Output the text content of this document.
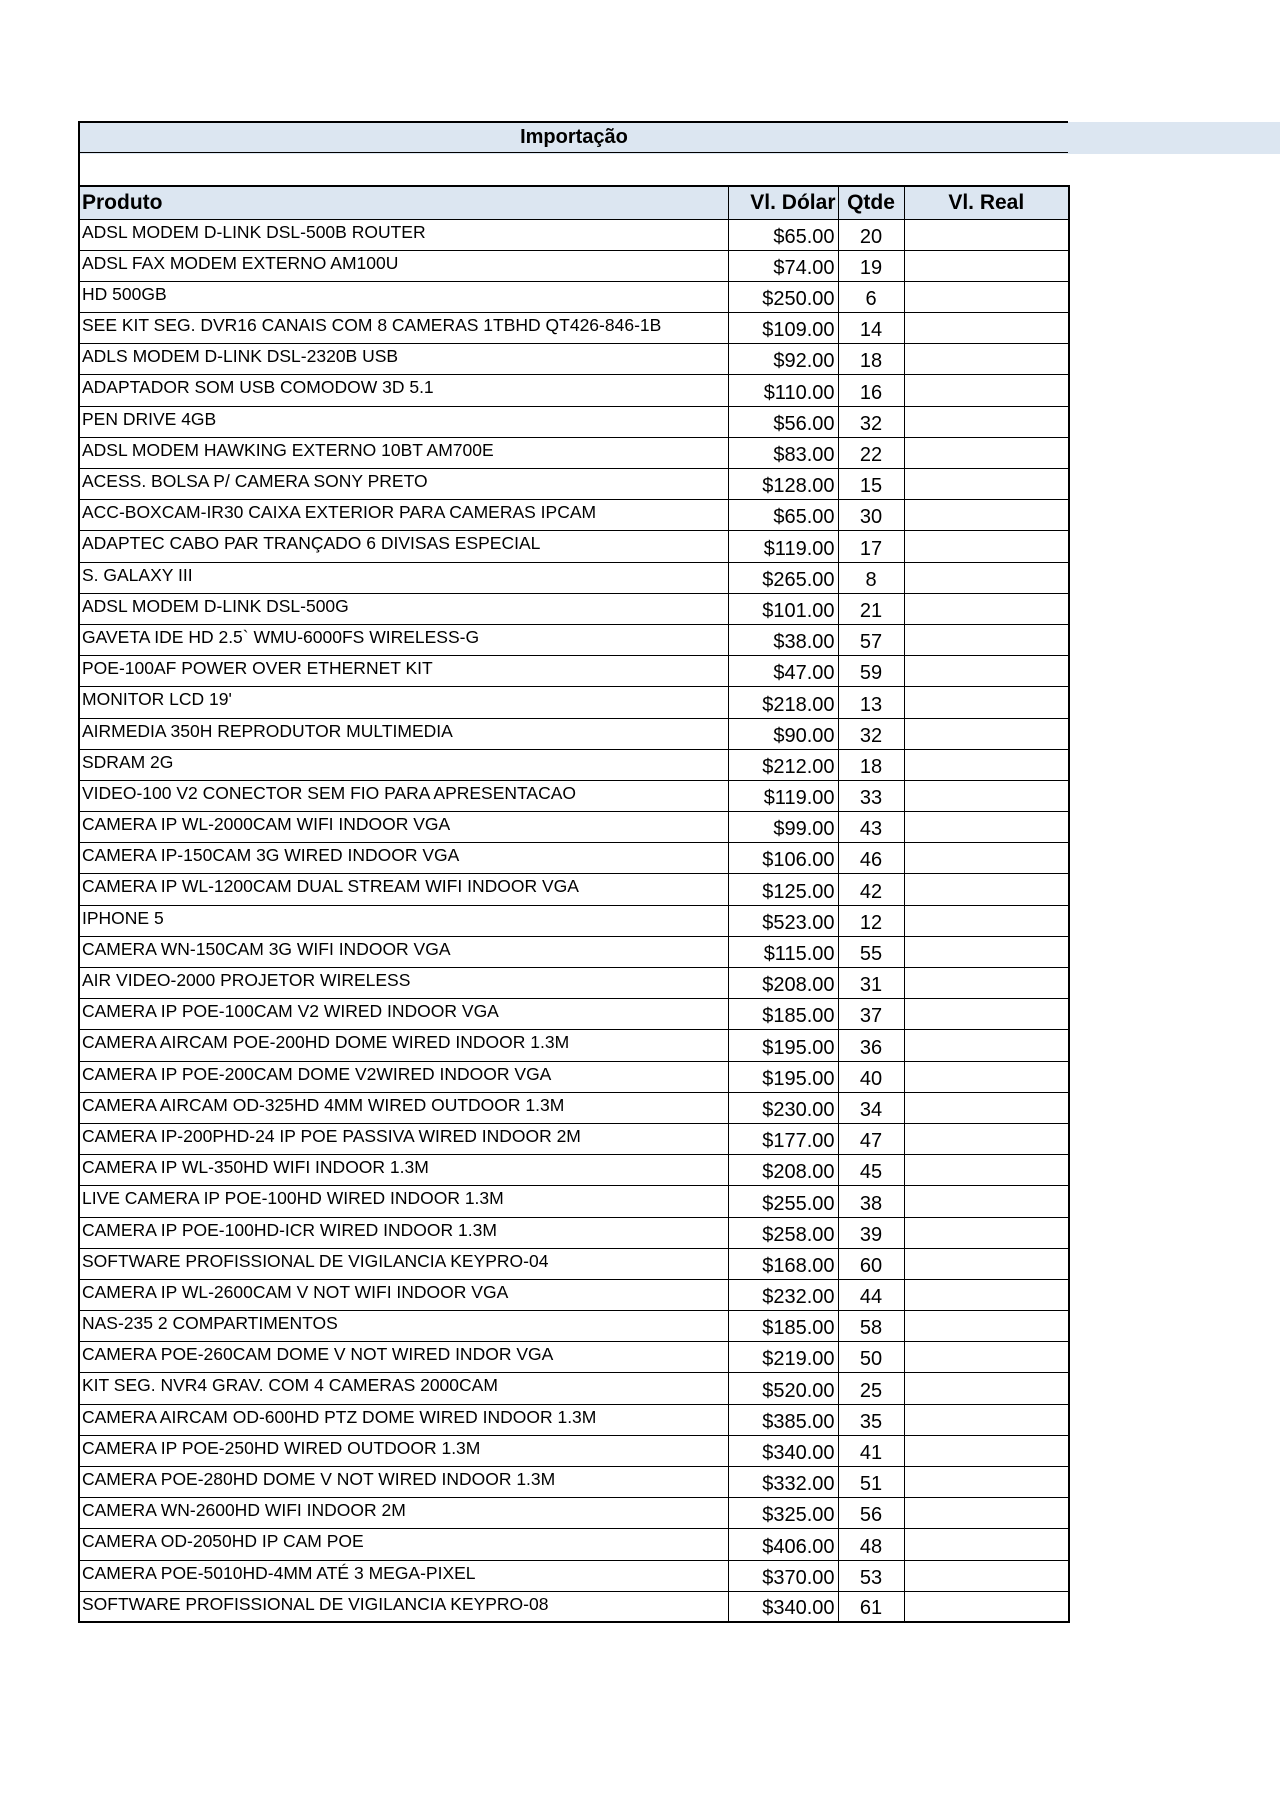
Importação
Produto	Vl. Dólar	Qtde	Vl. Real
ADSL MODEM D-LINK DSL-500B ROUTER	$65.00	20	
ADSL FAX MODEM EXTERNO AM100U	$74.00	19	
HD 500GB	$250.00	6	
SEE KIT SEG. DVR16 CANAIS COM 8 CAMERAS 1TBHD QT426-846-1B	$109.00	14	
ADLS MODEM D-LINK DSL-2320B USB	$92.00	18	
ADAPTADOR SOM USB COMODOW 3D 5.1	$110.00	16	
PEN DRIVE 4GB	$56.00	32	
ADSL MODEM HAWKING EXTERNO 10BT AM700E	$83.00	22	
ACESS. BOLSA P/ CAMERA SONY PRETO	$128.00	15	
ACC-BOXCAM-IR30 CAIXA EXTERIOR PARA CAMERAS IPCAM	$65.00	30	
ADAPTEC CABO PAR TRANÇADO 6 DIVISAS ESPECIAL	$119.00	17	
S. GALAXY III	$265.00	8	
ADSL MODEM D-LINK DSL-500G	$101.00	21	
GAVETA IDE HD 2.5` WMU-6000FS WIRELESS-G	$38.00	57	
POE-100AF POWER OVER ETHERNET KIT	$47.00	59	
MONITOR LCD 19'	$218.00	13	
AIRMEDIA 350H REPRODUTOR MULTIMEDIA	$90.00	32	
SDRAM 2G	$212.00	18	
VIDEO-100 V2 CONECTOR SEM FIO PARA APRESENTACAO	$119.00	33	
CAMERA IP WL-2000CAM WIFI INDOOR VGA	$99.00	43	
CAMERA IP-150CAM 3G WIRED INDOOR VGA	$106.00	46	
CAMERA IP WL-1200CAM DUAL STREAM WIFI INDOOR VGA	$125.00	42	
IPHONE 5	$523.00	12	
CAMERA WN-150CAM 3G WIFI INDOOR VGA	$115.00	55	
AIR VIDEO-2000 PROJETOR WIRELESS	$208.00	31	
CAMERA IP POE-100CAM V2 WIRED INDOOR VGA	$185.00	37	
CAMERA AIRCAM POE-200HD DOME WIRED INDOOR 1.3M	$195.00	36	
CAMERA IP POE-200CAM DOME V2WIRED INDOOR VGA	$195.00	40	
CAMERA AIRCAM OD-325HD 4MM WIRED OUTDOOR 1.3M	$230.00	34	
CAMERA IP-200PHD-24 IP POE PASSIVA WIRED INDOOR 2M	$177.00	47	
CAMERA IP WL-350HD WIFI INDOOR 1.3M	$208.00	45	
LIVE CAMERA IP POE-100HD WIRED INDOOR 1.3M	$255.00	38	
CAMERA IP POE-100HD-ICR WIRED INDOOR 1.3M	$258.00	39	
SOFTWARE PROFISSIONAL DE VIGILANCIA KEYPRO-04	$168.00	60	
CAMERA IP WL-2600CAM V NOT WIFI INDOOR VGA	$232.00	44	
NAS-235 2 COMPARTIMENTOS	$185.00	58	
CAMERA POE-260CAM DOME V NOT WIRED INDOR VGA	$219.00	50	
KIT SEG. NVR4 GRAV. COM 4 CAMERAS 2000CAM	$520.00	25	
CAMERA AIRCAM OD-600HD PTZ DOME WIRED INDOOR 1.3M	$385.00	35	
CAMERA IP POE-250HD WIRED OUTDOOR 1.3M	$340.00	41	
CAMERA POE-280HD DOME V NOT WIRED INDOOR 1.3M	$332.00	51	
CAMERA WN-2600HD WIFI INDOOR 2M	$325.00	56	
CAMERA OD-2050HD IP CAM POE	$406.00	48	
CAMERA POE-5010HD-4MM ATÉ 3 MEGA-PIXEL	$370.00	53	
SOFTWARE PROFISSIONAL DE VIGILANCIA KEYPRO-08	$340.00	61	
